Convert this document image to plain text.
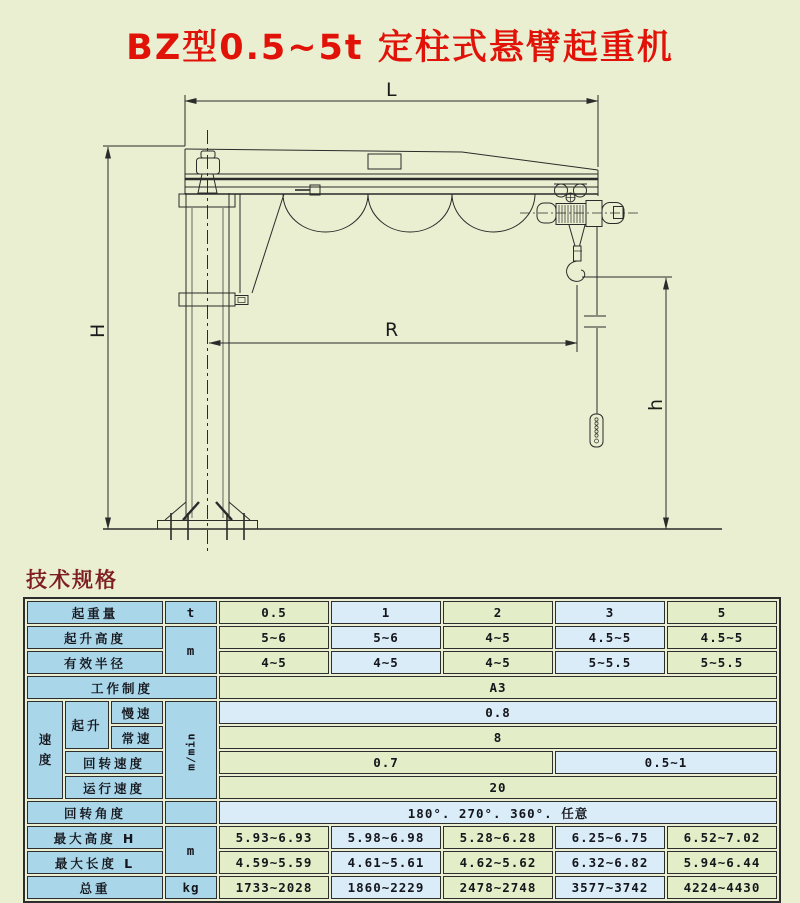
BZ型0.5~5t 定柱式悬臂起重机
L
H	R
h
技术规格
起重量			t	0.5	1	2	3	5
起升高度			m	5~6	5~6	4~5	4.5~5	4.5~5
有效半径				4~5	4~5	4~5	5~5.5	5~5.5
工作制度				A3				

速度	起升	慢速	m/min	0.8				
		常速		8				
	回转速度			0.7			0.5~1	
	运行速度			20				
回转角度				180°. 270°. 360°. 任意				
最大高度 H			m	5.93~6.93	5.98~6.98	5.28~6.28	6.25~6.75	6.52~7.02
最大长度 L				4.59~5.59	4.61~5.61	4.62~5.62	6.32~6.82	5.94~6.44
总重			kg	1733~2028	1860~2229	2478~2748	3577~3742	4224~4430
